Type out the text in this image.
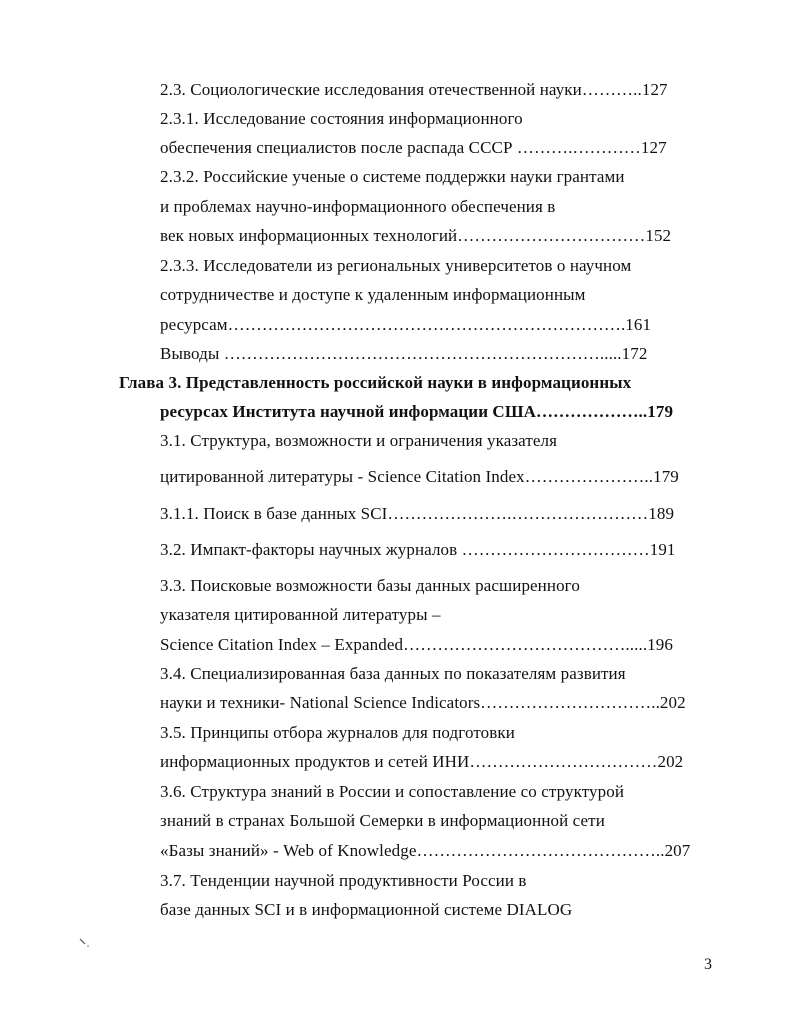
2.3. Социологические исследования отечественной науки………..127
2.3.1. Исследование состояния информационного
обеспечения специалистов после распада СССР ……….…………127
2.3.2. Российские ученые о системе поддержки науки грантами
и проблемах научно-информационного обеспечения в
век новых информационных технологий……………………………152
2.3.3. Исследователи из региональных университетов о научном
сотрудничестве и доступе к удаленным информационным
ресурсам…………………………………………………………….161
Выводы ………………………………………………………….....172
Глава 3. Представленность российской науки в информационных
ресурсах Института научной информации США………………..179
3.1. Структура, возможности и ограничения указателя
цитированной литературы - Science Citation Index…………………..179
3.1.1. Поиск в базе данных SCI………………….……………………189
3.2. Импакт-факторы научных журналов ……………………………191
3.3. Поисковые возможности базы данных расширенного
указателя цитированной литературы –
Science Citation Index – Expanded………………………………….....196
3.4. Специализированная база данных по показателям развития
науки и техники- National Science Indicators…………………………..202
3.5. Принципы отбора журналов для подготовки
информационных продуктов и сетей ИНИ……………………………202
3.6. Структура знаний в России и сопоставление со структурой
знаний в странах Большой Семерки в информационной сети
«Базы знаний» - Web of Knowledge……………………………………..207
3.7. Тенденции научной продуктивности России в
базе данных SCI и в информационной системе DIALOG
3
